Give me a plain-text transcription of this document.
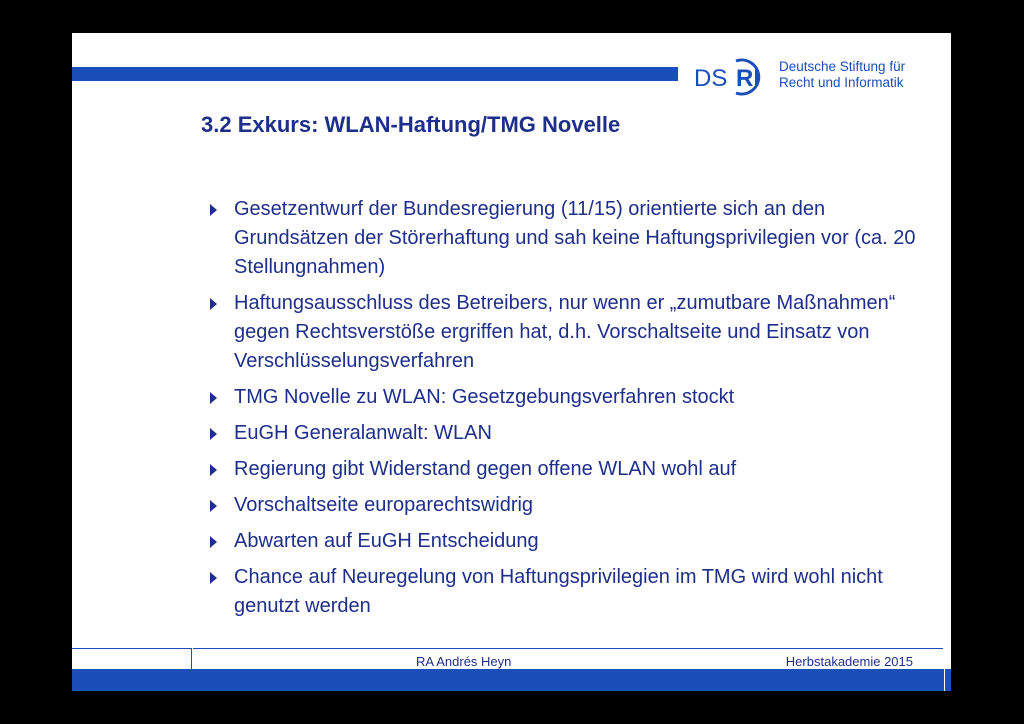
DS RI Deutsche Stiftung für
Recht und Informatik
3.2 Exkurs: WLAN-Haftung/TMG Novelle
Gesetzentwurf der Bundesregierung (11/15) orientierte sich an den Grundsätzen der Störerhaftung und sah keine Haftungsprivilegien vor (ca. 20 Stellungnahmen)
Haftungsausschluss des Betreibers, nur wenn er „zumutbare Maßnahmen“ gegen Rechtsverstöße ergriffen hat, d.h. Vorschaltseite und Einsatz von Verschlüsselungsverfahren
TMG Novelle zu WLAN: Gesetzgebungsverfahren stockt
EuGH Generalanwalt: WLAN
Regierung gibt Widerstand gegen offene WLAN wohl auf
Vorschaltseite europarechtswidrig
Abwarten auf EuGH Entscheidung
Chance auf Neuregelung von Haftungsprivilegien im TMG wird wohl nicht genutzt werden
RA Andrés Heyn	Herbstakademie 2015
